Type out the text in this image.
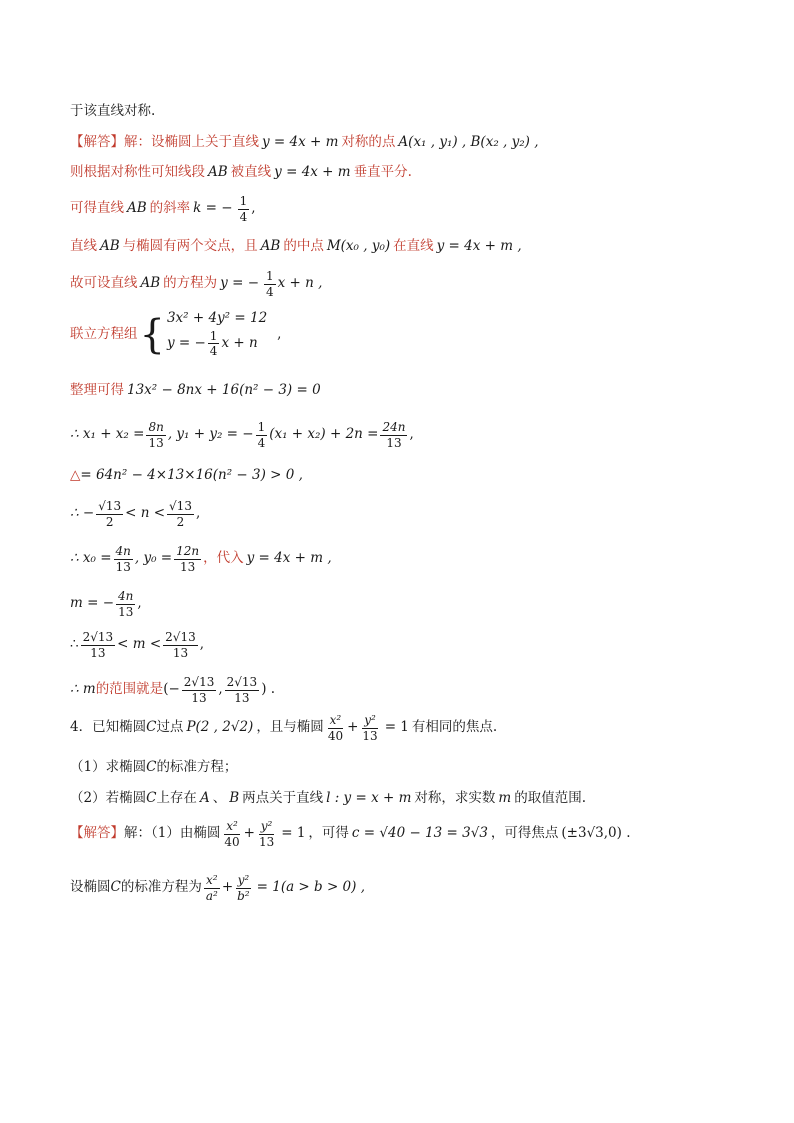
于该直线对称.
【解答】 解：设椭圆上关于直线 y = 4x + m 对称的点 A(x₁ , y₁) , B(x₂ , y₂) ,
则根据对称性可知线段 AB 被直线 y = 4x + m 垂直平分.
可得直线 AB 的斜率 k = − $\frac{1}{4}$ ,
直线 AB 与椭圆有两个交点，且 AB 的中点 M(x₀ , y₀) 在直线 y = 4x + m ,
故可设直线 AB 的方程为 y = − $\frac{1}{4}$ x + n ,
联立方程组 { 3x² + 4y² = 12
y = − $\frac{1}{4}$ x + n
,
整理可得 13x² − 8nx + 16(n² − 3) = 0
∴ $x_1 + x_2 = \frac{8n}{13}$ , y₁ + y₂ = − $\frac{1}{4} (x_1 + x_2) + 2n = \frac{24n}{13}$ ,
△ = 64n² − 4×13×16(n² − 3) > 0 ,
∴ − $\frac{√13}{2} < n < \frac{√13}{2}$ ,
∴ $x_0 = \frac{4n}{13}$ , $y_0 = \frac{12n}{13}$ ，代入 y = 4x + m ,
m = − $\frac{4n}{13}$ ,
∴ $\frac{2√13}{13} < m < \frac{2√13}{13}$ ,
∴ m 的范围就是 (− $\frac{2√13}{13}$ , $\frac{2√13}{13}$ ) .
4．已知椭圆 C 过点 P(2 , 2√2) ，且与椭圆 $\frac{\text{x²}}{40} + \frac{\text{y²}}{13} = 1$ 有相同的焦点.
（1）求椭圆 C 的标准方程；
（2）若椭圆 C 上存在 A 、 B 两点关于直线 l : y = x + m 对称，求实数 m 的取值范围.
【解答】 解：（1）由椭圆 $\frac{\text{x²}}{40} + \frac{\text{y²}}{13} = 1$ ，可得 c = √40 − 13 = 3√3 ，可得焦点 (±3√3,0) .
设椭圆 C 的标准方程为 $\frac{\text{x²}}{\text{a²}} + \frac{\text{y²}}{\text{b²}} = 1(a > b > 0)$ ,
